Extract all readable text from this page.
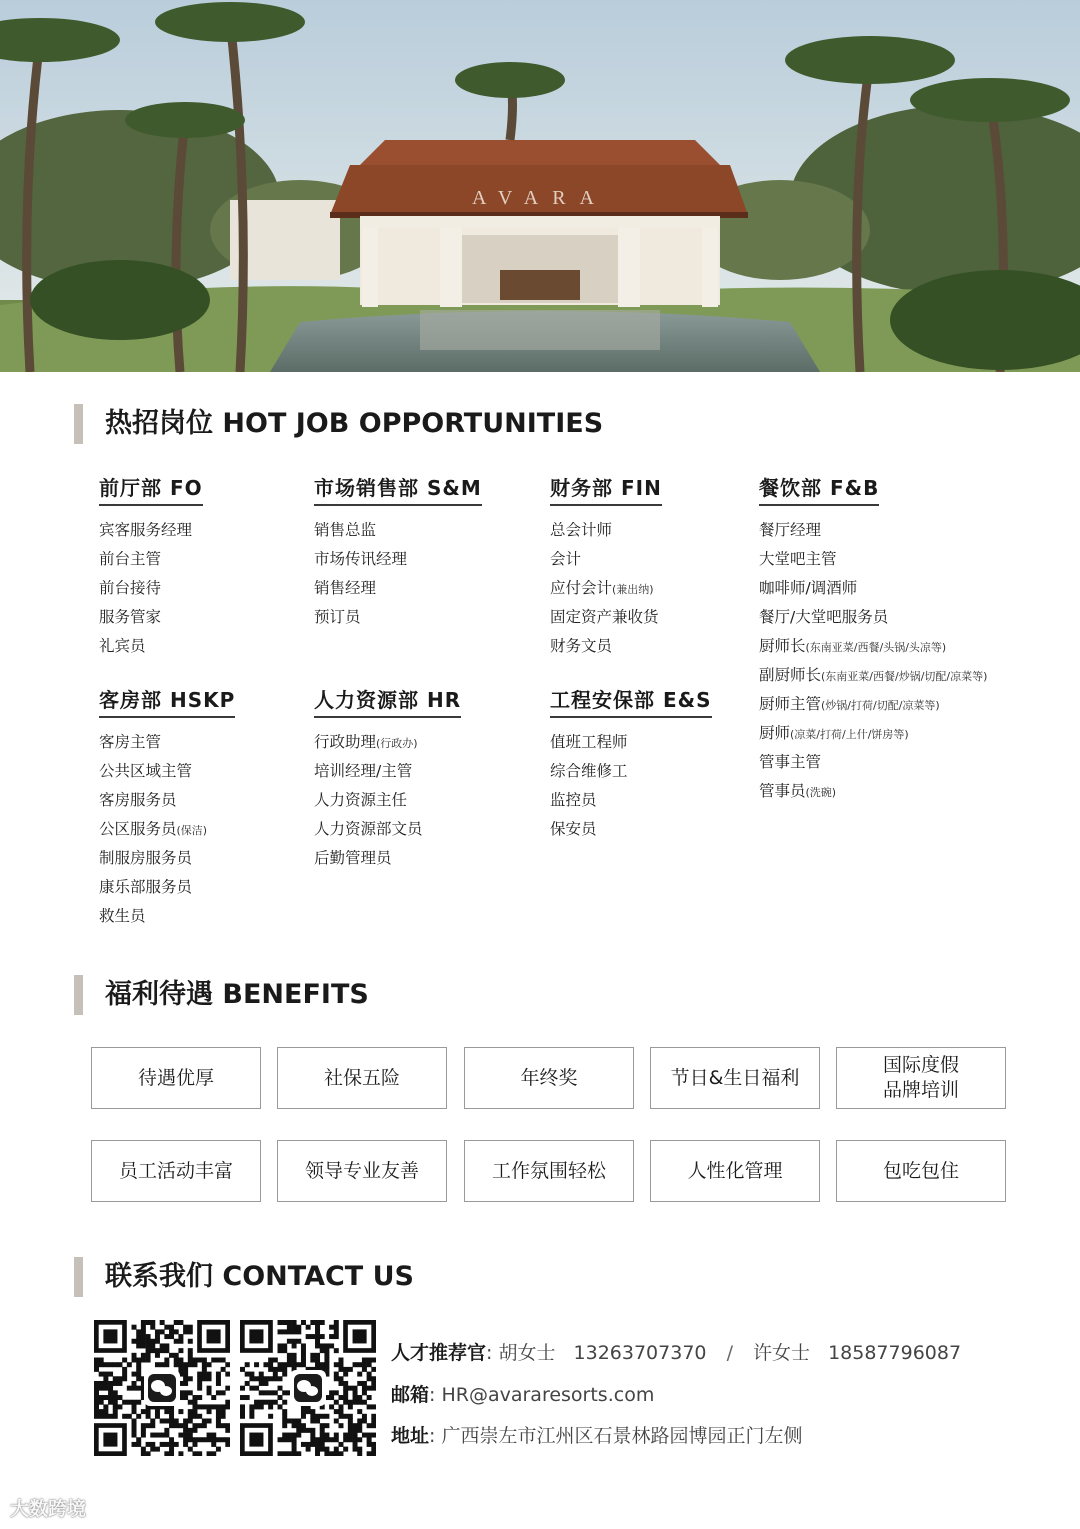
AVARA
热招岗位 HOT JOB OPPORTUNITIES
前厅部 FO
宾客服务经理
前台主管
前台接待
服务管家
礼宾员
市场销售部 S&M
销售总监
市场传讯经理
销售经理
预订员
财务部 FIN
总会计师
会计
应付会计(兼出纳)
固定资产兼收货
财务文员
餐饮部 F&B
餐厅经理
大堂吧主管
咖啡师/调酒师
餐厅/大堂吧服务员
厨师长(东南亚菜/西餐/头锅/头凉等)
副厨师长(东南亚菜/西餐/炒锅/切配/凉菜等)
厨师主管(炒锅/打荷/切配/凉菜等)
厨师(凉菜/打荷/上什/饼房等)
管事主管
管事员(洗碗)
客房部 HSKP
客房主管
公共区域主管
客房服务员
公区服务员(保洁)
制服房服务员
康乐部服务员
救生员
人力资源部 HR
行政助理(行政办)
培训经理/主管
人力资源主任
人力资源部文员
后勤管理员
工程安保部 E&S
值班工程师
综合维修工
监控员
保安员
福利待遇 BENEFITS
待遇优厚	社保五险	年终奖	节日&生日福利
国际度假
品牌培训
员工活动丰富	领导专业友善	工作氛围轻松	人性化管理	包吃包住
联系我们 CONTACT US
人才推荐官: 胡女士 13263707370 / 许女士 18587796087
邮箱: HR@avararesorts.com
地址: 广西崇左市江州区石景林路园博园正门左侧
大数跨境
